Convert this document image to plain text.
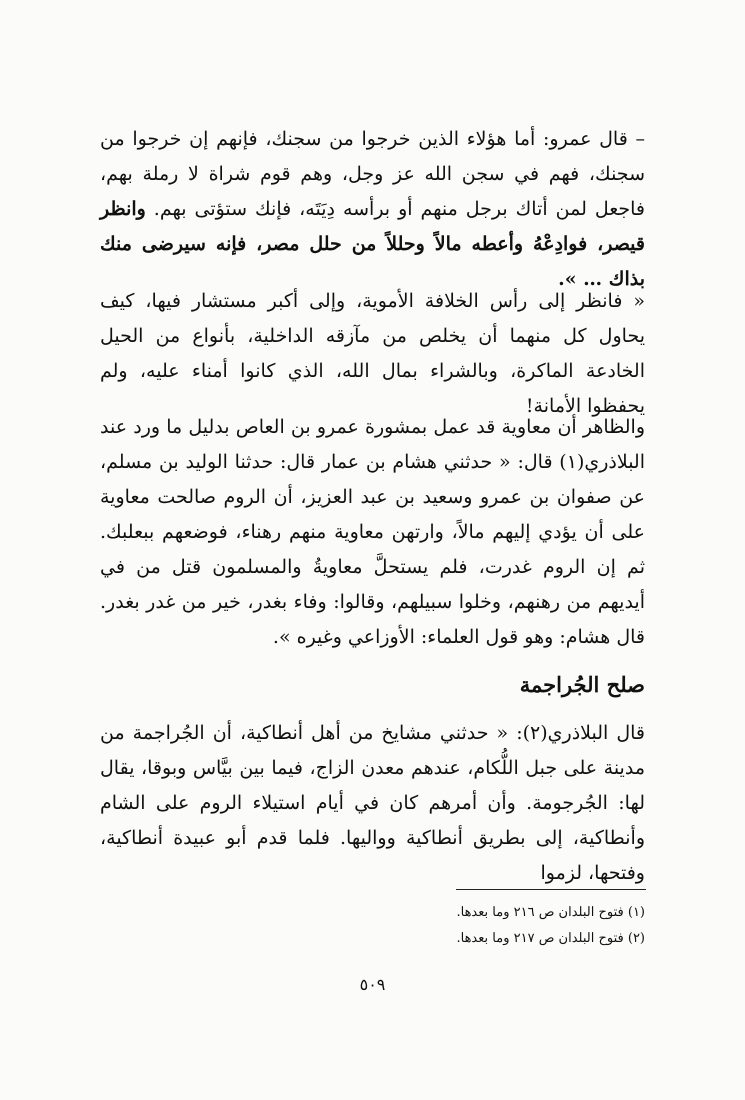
– قال عمرو: أما هؤلاء الذين خرجوا من سجنك، فإنهم إن خرجوا من سجنك، فهم في سجن الله عز وجل، وهم قوم شراة لا رملة بهم، فاجعل لمن أتاك برجل منهم أو برأسه دِيَتَه، فإنك ستؤتى بهم. وانظر قيصر، فوادِعْهُ وأعطه مالاً وحللاً من حلل مصر، فإنه سيرضى منك بذاك … ».
« فانظر إلى رأس الخلافة الأموية، وإلى أكبر مستشار فيها، كيف يحاول كل منهما أن يخلص من مآزقه الداخلية، بأنواع من الحيل الخادعة الماكرة، وبالشراء بمال الله، الذي كانوا أمناء عليه، ولم يحفظوا الأمانة!
والظاهر أن معاوية قد عمل بمشورة عمرو بن العاص بدليل ما ورد عند البلاذري(١) قال: « حدثني هشام بن عمار قال: حدثنا الوليد بن مسلم، عن صفوان بن عمرو وسعيد بن عبد العزيز، أن الروم صالحت معاوية على أن يؤدي إليهم مالاً، وارتهن معاوية منهم رهناء، فوضعهم ببعلبك. ثم إن الروم غدرت، فلم يستحلَّ معاويةُ والمسلمون قتل من في أيديهم من رهنهم، وخلوا سبيلهم، وقالوا: وفاء بغدر، خير من غدر بغدر. قال هشام: وهو قول العلماء: الأوزاعي وغيره ».
صلح الجُراجمة
قال البلاذري(٢): « حدثني مشايخ من أهل أنطاكية، أن الجُراجمة من مدينة على جبل اللُّكام، عندهم معدن الزاج، فيما بين بيَّاس وبوقا، يقال لها: الجُرجومة. وأن أمرهم كان في أيام استيلاء الروم على الشام وأنطاكية، إلى بطريق أنطاكية وواليها. فلما قدم أبو عبيدة أنطاكية، وفتحها، لزموا
(١) فتوح البلدان ص ٢١٦ وما بعدها.
(٢) فتوح البلدان ص ٢١٧ وما بعدها.
٥٠٩
